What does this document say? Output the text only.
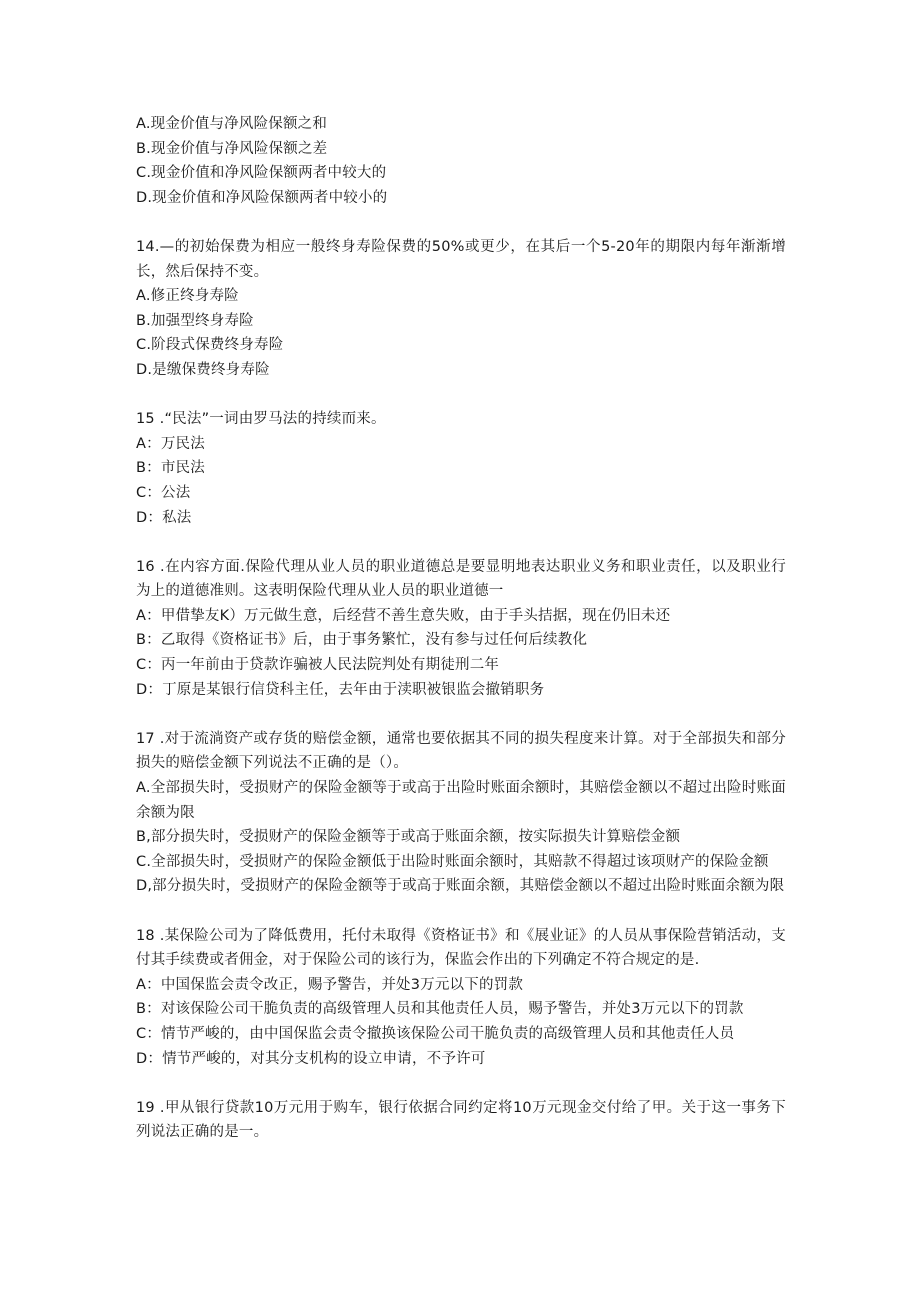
A.现金价值与净风险保额之和
B.现金价值与净风险保额之差
C.现金价值和净风险保额两者中较大的
D.现金价值和净风险保额两者中较小的
14.—的初始保费为相应一般终身寿险保费的50%或更少，在其后一个5-20年的期限内每年渐渐增长，然后保持不变。
A.修正终身寿险
B.加强型终身寿险
C.阶段式保费终身寿险
D.是缴保费终身寿险
15 .“民法”一词由罗马法的持续而来。
A：万民法
B：市民法
C：公法
D：私法
16 .在内容方面.保险代理从业人员的职业道德总是要显明地表达职业义务和职业责任，以及职业行为上的道德准则。这表明保险代理从业人员的职业道德一
A：甲借挚友K）万元做生意，后经营不善生意失败，由于手头拮据，现在仍旧未还
B：乙取得《资格证书》后，由于事务繁忙，没有参与过任何后续教化
C：丙一年前由于贷款诈骗被人民法院判处有期徒刑二年
D：丁原是某银行信贷科主任，去年由于渎职被银监会撤销职务
17 .对于流淌资产或存货的赔偿金额，通常也要依据其不同的损失程度来计算。对于全部损失和部分损失的赔偿金额下列说法不正确的是（）。
A.全部损失时，受损财产的保险金额等于或高于出险时账面余额时，其赔偿金额以不超过出险时账面余额为限
B,部分损失时，受损财产的保险金额等于或高于账面余额，按实际损失计算赔偿金额
C.全部损失时，受损财产的保险金额低于出险时账面余额时，其赔款不得超过该项财产的保险金额
D,部分损失时，受损财产的保险金额等于或高于账面余额，其赔偿金额以不超过出险时账面余额为限
18 .某保险公司为了降低费用，托付未取得《资格证书》和《展业证》的人员从事保险营销活动，支付其手续费或者佣金，对于保险公司的该行为，保监会作出的下列确定不符合规定的是.
A：中国保监会责令改正，赐予警告，并处3万元以下的罚款
B：对该保险公司干脆负责的高级管理人员和其他责任人员，赐予警告，并处3万元以下的罚款
C：情节严峻的，由中国保监会责令撤换该保险公司干脆负责的高级管理人员和其他责任人员
D：情节严峻的，对其分支机构的设立申请，不予许可
19 .甲从银行贷款10万元用于购车，银行依据合同约定将10万元现金交付给了甲。关于这一事务下列说法正确的是一。
